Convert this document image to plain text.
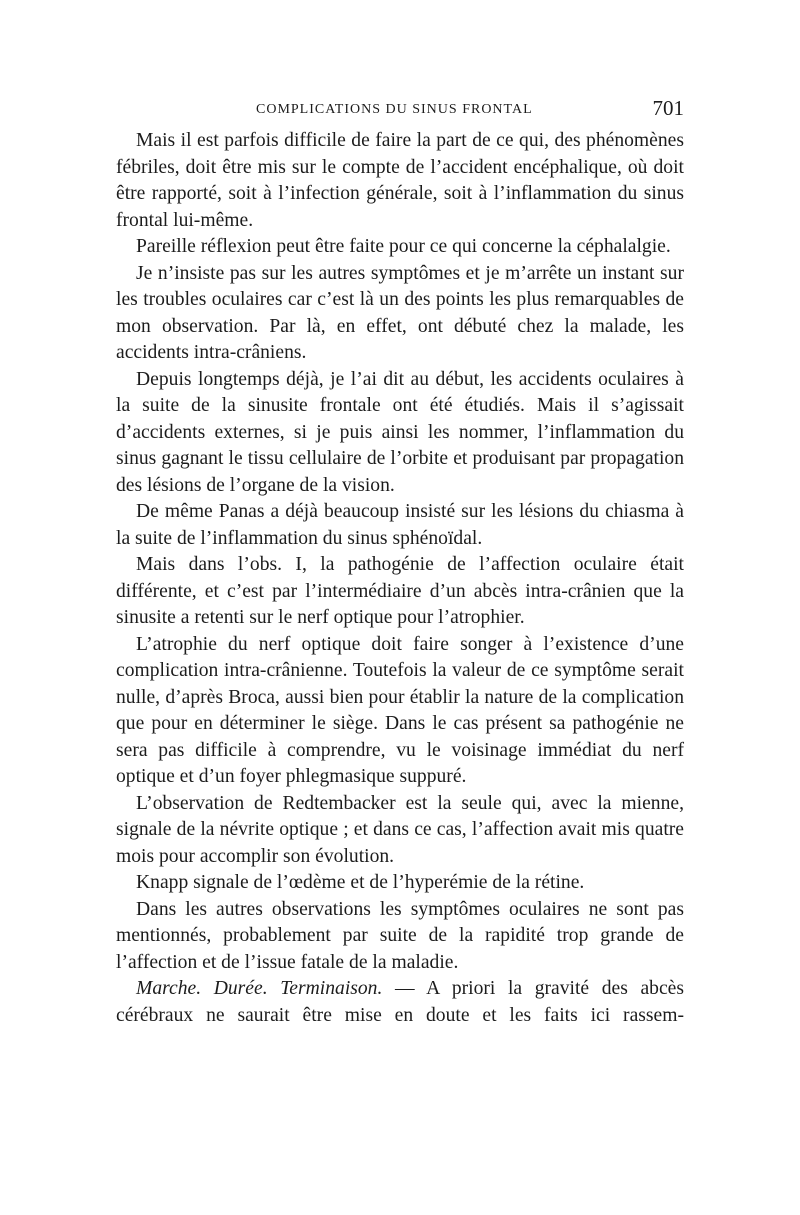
COMPLICATIONS DU SINUS FRONTAL	701

Mais il est parfois difficile de faire la part de ce qui, des phénomènes fébriles, doit être mis sur le compte de l’accident encéphalique, où doit être rapporté, soit à l’infection générale, soit à l’inflammation du sinus frontal lui-même.

Pareille réflexion peut être faite pour ce qui concerne la céphalalgie.

Je n’insiste pas sur les autres symptômes et je m’arrête un instant sur les troubles oculaires car c’est là un des points les plus remarquables de mon observation. Par là, en effet, ont débuté chez la malade, les accidents intra-crâniens.

Depuis longtemps déjà, je l’ai dit au début, les accidents oculaires à la suite de la sinusite frontale ont été étudiés. Mais il s’agissait d’accidents externes, si je puis ainsi les nommer, l’inflammation du sinus gagnant le tissu cellulaire de l’orbite et produisant par propagation des lésions de l’organe de la vision.

De même Panas a déjà beaucoup insisté sur les lésions du chiasma à la suite de l’inflammation du sinus sphénoïdal.

Mais dans l’obs. I, la pathogénie de l’affection oculaire était différente, et c’est par l’intermédiaire d’un abcès intra-crânien que la sinusite a retenti sur le nerf optique pour l’atrophier.

L’atrophie du nerf optique doit faire songer à l’existence d’une complication intra-crânienne. Toutefois la valeur de ce symptôme serait nulle, d’après Broca, aussi bien pour établir la nature de la complication que pour en déterminer le siège. Dans le cas présent sa pathogénie ne sera pas difficile à comprendre, vu le voisinage immédiat du nerf optique et d’un foyer phlegmasique suppuré.

L’observation de Redtembacker est la seule qui, avec la mienne, signale de la névrite optique ; et dans ce cas, l’affection avait mis quatre mois pour accomplir son évolution.

Knapp signale de l’œdème et de l’hyperémie de la rétine.

Dans les autres observations les symptômes oculaires ne sont pas mentionnés, probablement par suite de la rapidité trop grande de l’affection et de l’issue fatale de la maladie.

Marche. Durée. Terminaison. — A priori la gravité des abcès cérébraux ne saurait être mise en doute et les faits ici rassem-
